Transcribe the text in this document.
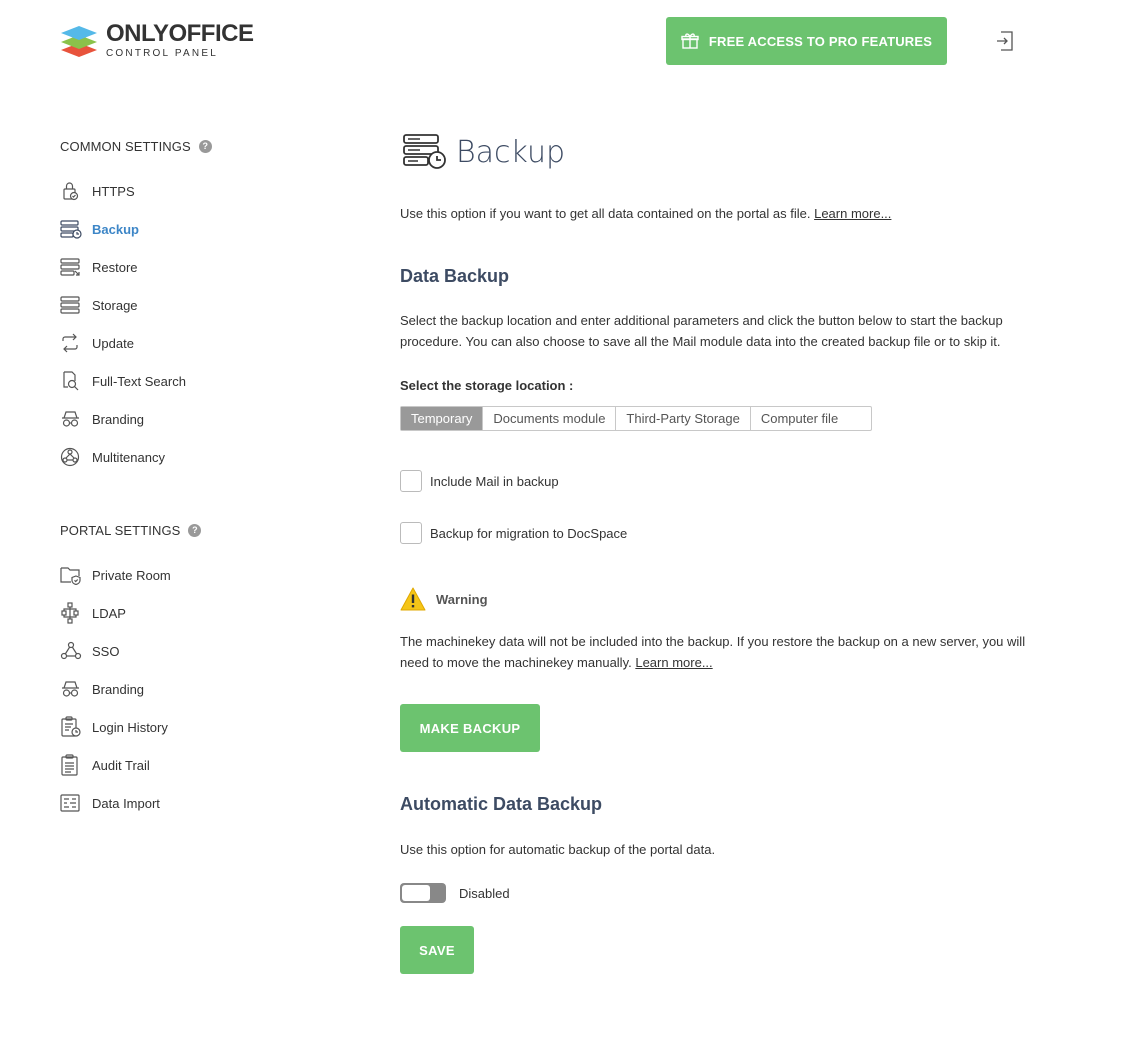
ONLYOFFICE
CONTROL PANEL
FREE ACCESS TO PRO FEATURES
COMMON SETTINGS	?
HTTPS
Backup
Restore
Storage
Update
Full-Text Search
Branding
Multitenancy
PORTAL SETTINGS	?
Private Room
LDAP
SSO
Branding
Login History
Audit Trail
Data Import
Backup

Use this option if you want to get all data contained on the portal as file. Learn more...

Data Backup

Select the backup location and enter additional parameters and click the button below to start the backup procedure. You can also choose to save all the Mail module data into the created backup file or to skip it.

Select the storage location :
Temporary	Documents module	Third-Party Storage	Computer file
Include Mail in backup
Backup for migration to DocSpace
Warning

The machinekey data will not be included into the backup. If you restore the backup on a new server, you will need to move the machinekey manually. Learn more...

MAKE BACKUP
Automatic Data Backup

Use this option for automatic backup of the portal data.

Disabled
SAVE
